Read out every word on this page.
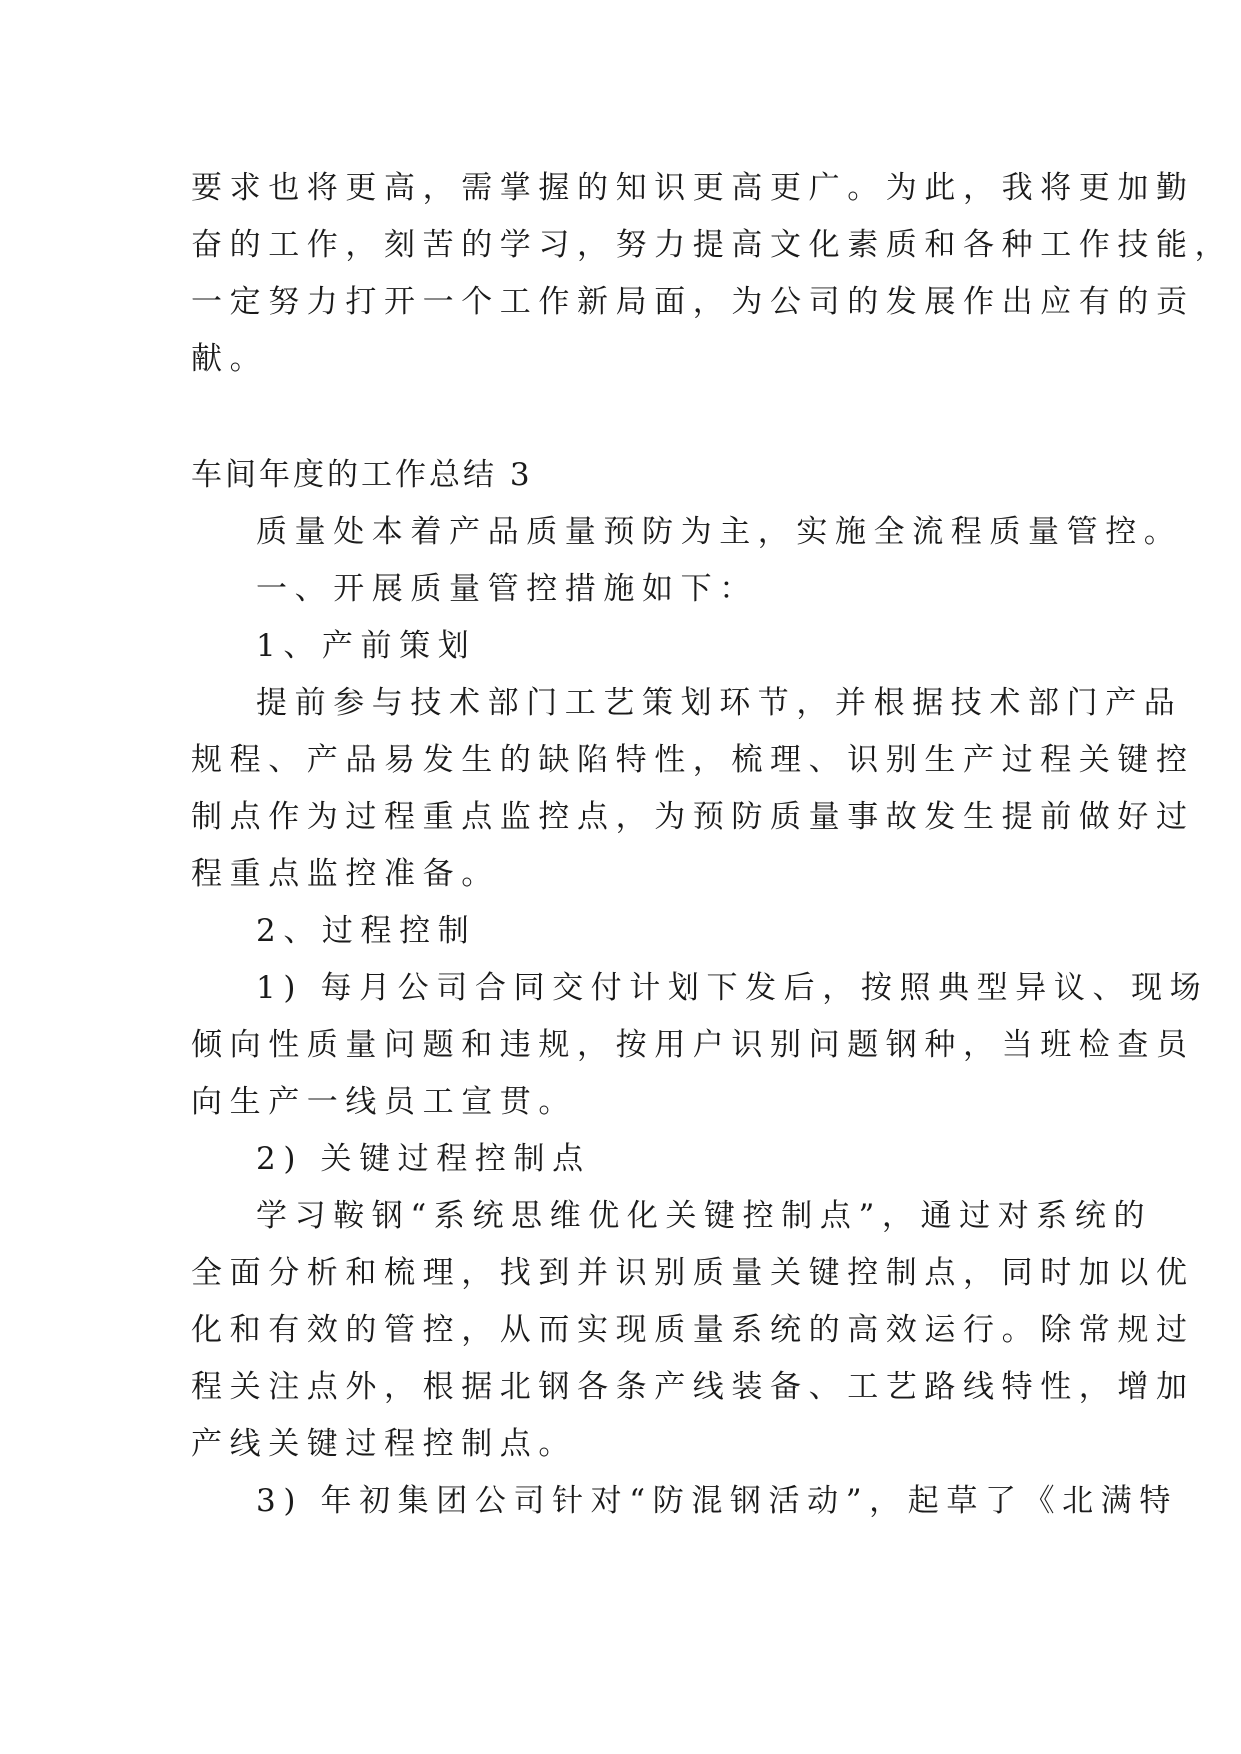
要求也将更高，需掌握的知识更高更广。为此，我将更加勤
奋的工作，刻苦的学习，努力提高文化素质和各种工作技能，
一定努力打开一个工作新局面，为公司的发展作出应有的贡
献。
车间年度的工作总结 3
质量处本着产品质量预防为主，实施全流程质量管控。
一、开展质量管控措施如下：
1、产前策划
提前参与技术部门工艺策划环节，并根据技术部门产品
规程、产品易发生的缺陷特性，梳理、识别生产过程关键控
制点作为过程重点监控点，为预防质量事故发生提前做好过
程重点监控准备。
2、过程控制
1) 每月公司合同交付计划下发后，按照典型异议、现场
倾向性质量问题和违规，按用户识别问题钢种，当班检查员
向生产一线员工宣贯。
2) 关键过程控制点
学习鞍钢“系统思维优化关键控制点”，通过对系统的
全面分析和梳理，找到并识别质量关键控制点，同时加以优
化和有效的管控，从而实现质量系统的高效运行。除常规过
程关注点外，根据北钢各条产线装备、工艺路线特性，增加
产线关键过程控制点。
3) 年初集团公司针对“防混钢活动”，起草了《北满特
